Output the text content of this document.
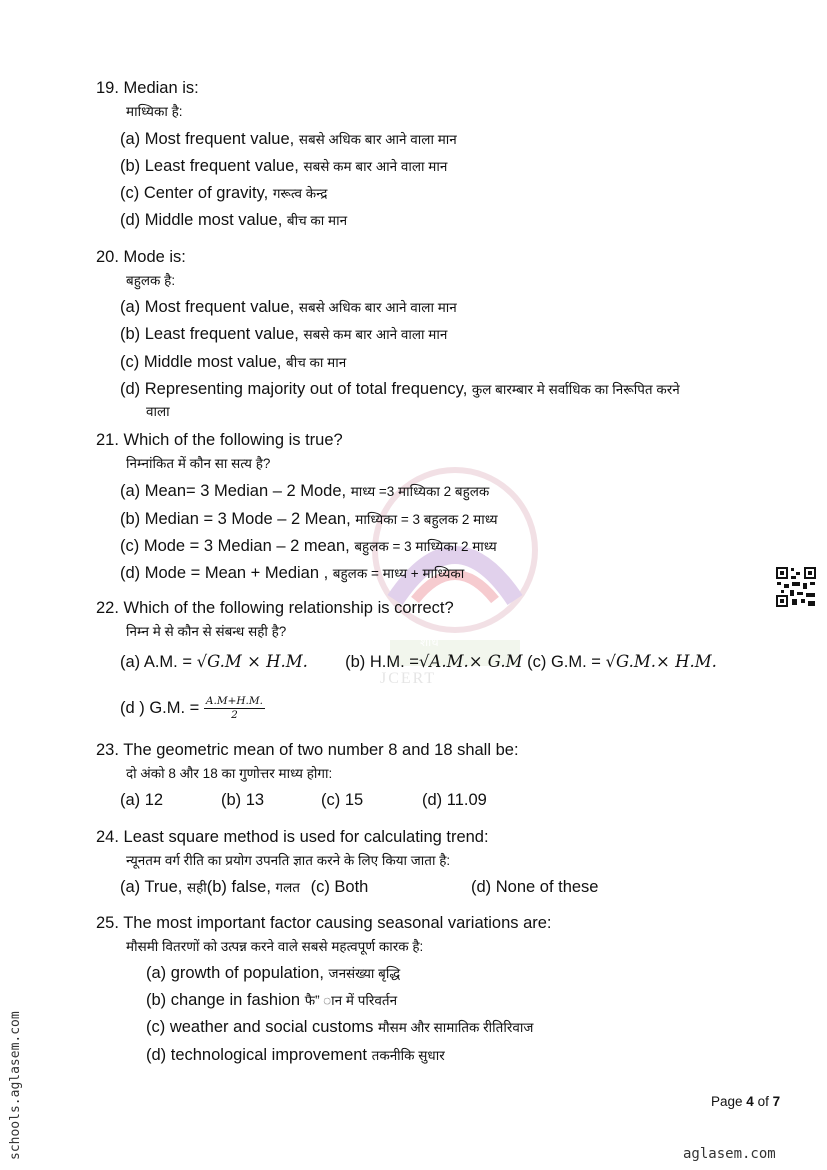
नवोन्मेष	शोध
JCERT
19. Median is:
माध्यिका है:
(a) Most frequent value, सबसे अधिक बार आने वाला मान
(b) Least frequent value, सबसे कम बार आने वाला मान
(c) Center of gravity, गरूत्व केन्द्र
(d) Middle most value, बीच का मान
20. Mode is:
बहुलक है:
(a) Most frequent value, सबसे अधिक बार आने वाला मान
(b) Least frequent value, सबसे कम बार आने वाला मान
(c) Middle most value, बीच का मान
(d) Representing majority out of total frequency, कुल बारम्बार मे सर्वाधिक का निरूपित करने
वाला
21. Which of the following is true?
निम्नांकित में कौन सा सत्य है?
(a) Mean= 3 Median – 2 Mode, माध्य =3 माध्यिका 2 बहुलक
(b) Median = 3 Mode – 2 Mean, माध्यिका = 3 बहुलक 2 माध्य
(c) Mode = 3 Median – 2 mean, बहुलक = 3 माध्यिका 2 माध्य
(d) Mode = Mean + Median , बहुलक = माध्य + माध्यिका
22. Which of the following relationship is correct?
निम्न मे से कौन से संबन्ध सही है?
(a) A.M. = √G.M × H.M. (b) H.M. =√A.M.× G.M (c) G.M. = √G.M.× H.M.
(d ) G.M. = $\frac{A.M+H.M.}{2}$
23. The geometric mean of two number 8 and 18 shall be:
दो अंको 8 और 18 का गुणोत्तर माध्य होगा:
(a) 12	(b) 13	(c) 15	(d) 11.09
24. Least square method is used for calculating trend:
न्यूनतम वर्ग रीति का प्रयोग उपनति ज्ञात करने के लिए किया जाता है:
(a) True, सही(b) false, गलत (c) Both	(d) None of these
25. The most important factor causing seasonal variations are:
मौसमी वितरणों को उत्पन्न करने वाले सबसे महत्वपूर्ण कारक है:
(a) growth of population, जनसंख्या बृद्धि
(b) change in fashion फै” ान में परिवर्तन
(c) weather and social customs मौसम और सामातिक रीतिरिवाज
(d) technological improvement तकनीकि सुधार
Page 4 of 7
schools.aglasem.com	aglasem.com
